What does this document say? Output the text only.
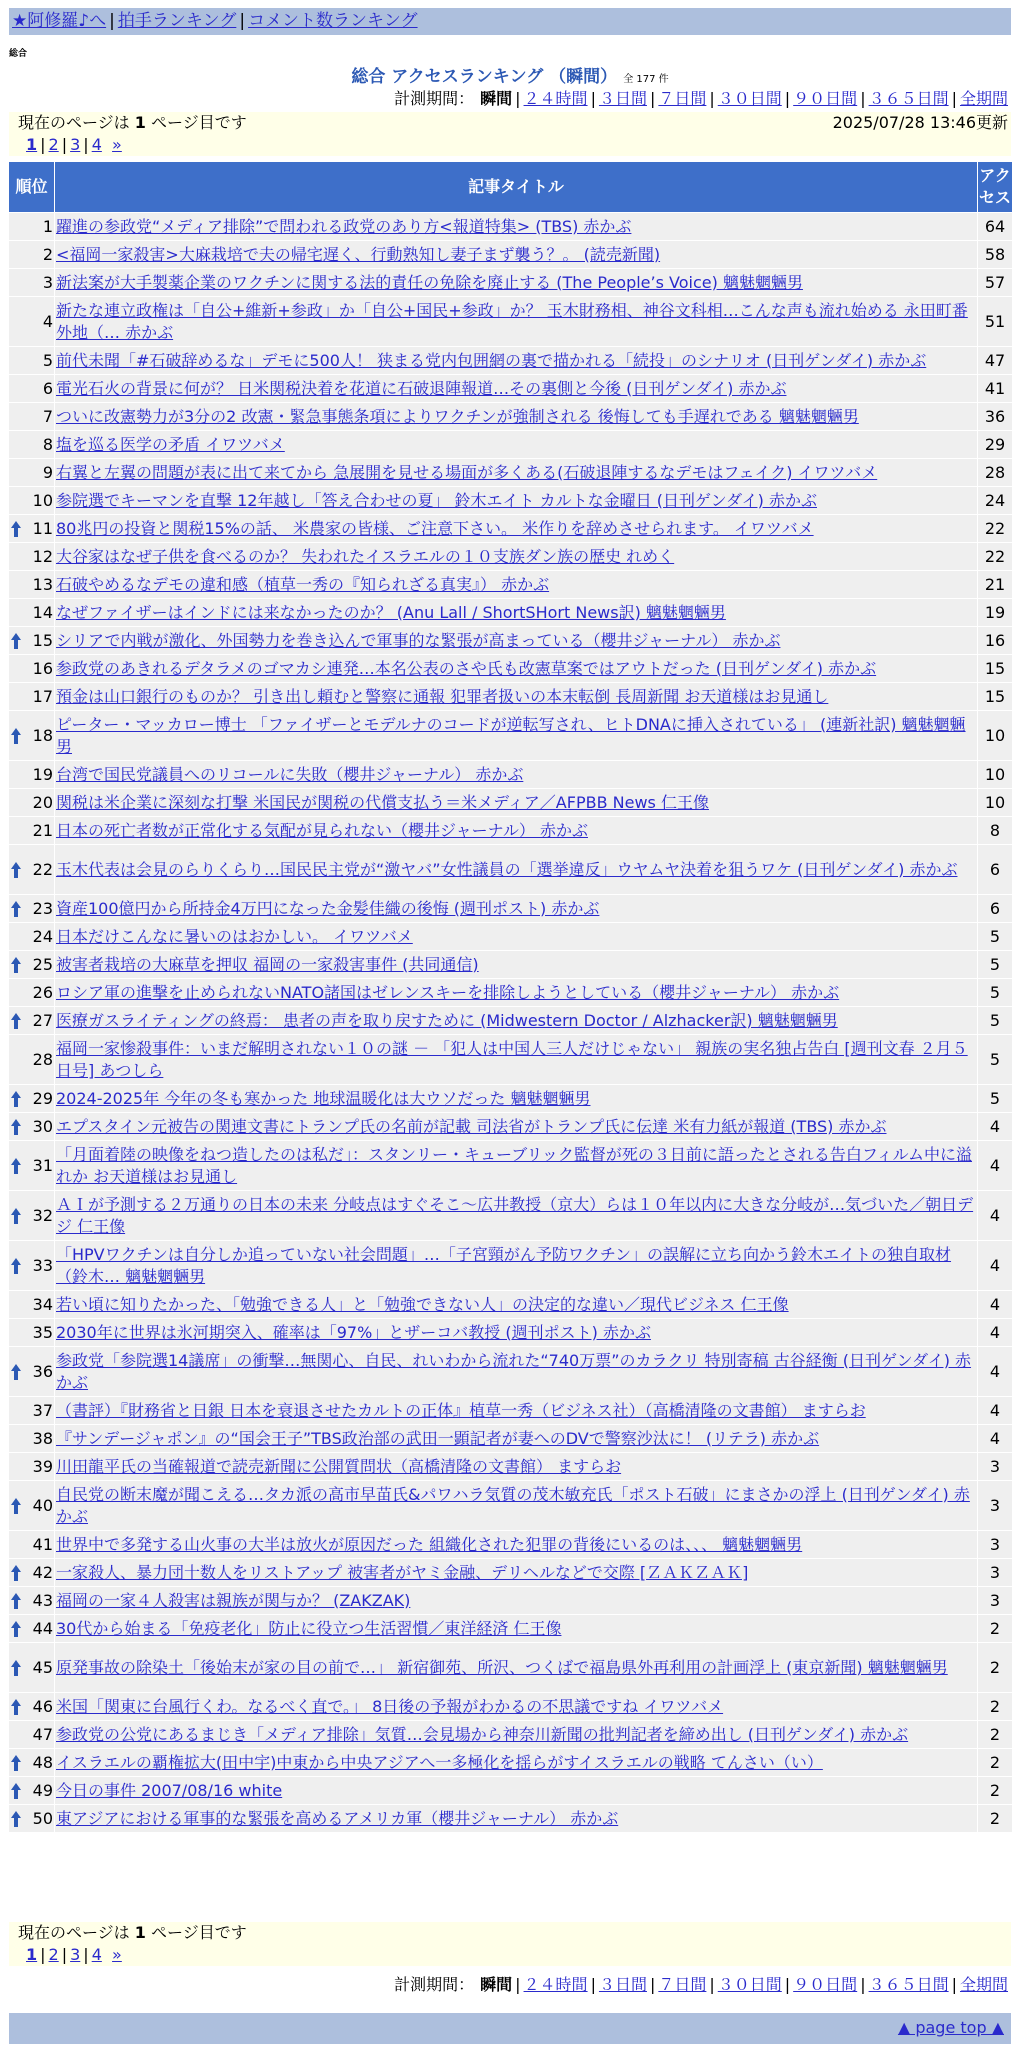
★阿修羅♪へ | 拍手ランキング | コメント数ランキング
総合
総合 アクセスランキング （瞬間） 全 177 件
計測期間： 瞬間 | ２４時間 | ３日間 | ７日間 | ３０日間 | ９０日間 | ３６５日間 | 全期間
現在のページは 1 ページ目です	2025/07/28 13:46更新
1 | 2 | 3 | 4 »
順位	記事タイトル	アクセス
1	躍進の参政党“メディア排除”で問われる政党のあり方<報道特集> (TBS) 赤かぶ	64
2	<福岡一家殺害>大麻栽培で夫の帰宅遅く、行動熟知し妻子まず襲う？。 (読売新聞)	58
3	新法案が大手製薬企業のワクチンに関する法的責任の免除を廃止する (The People’s Voice) 魑魅魍魎男	57
4	新たな連立政権は「自公+維新+参政」か「自公+国民+参政」か？ 玉木財務相、神谷文科相…こんな声も流れ始める 永田町番外地（… 赤かぶ	51
5	前代未聞「#石破辞めるな」デモに500人！ 狭まる党内包囲網の裏で描かれる「続投」のシナリオ (日刊ゲンダイ) 赤かぶ	47
6	電光石火の背景に何が？ 日米関税決着を花道に石破退陣報道…その裏側と今後 (日刊ゲンダイ) 赤かぶ	41
7	ついに改憲勢力が3分の2 改憲・緊急事態条項によりワクチンが強制される 後悔しても手遅れである 魑魅魍魎男	36
8	塩を巡る医学の矛盾 イワツバメ	29
9	右翼と左翼の問題が表に出て来てから 急展開を見せる場面が多くある(石破退陣するなデモはフェイク) イワツバメ	28
10	参院選でキーマンを直撃 12年越し「答え合わせの夏」 鈴木エイト カルトな金曜日 (日刊ゲンダイ) 赤かぶ	24

11	80兆円の投資と関税15%の話、 米農家の皆様、ご注意下さい。 米作りを辞めさせられます。 イワツバメ	22
12	大谷家はなぜ子供を食べるのか？ 失われたイスラエルの１０支族ダン族の歴史 れめく	22
13	石破やめるなデモの違和感（植草一秀の『知られざる真実』） 赤かぶ	21
14	なぜファイザーはインドには来なかったのか？ (Anu Lall / ShortSHort News訳) 魑魅魍魎男	19

15	シリアで内戦が激化、外国勢力を巻き込んで軍事的な緊張が高まっている（櫻井ジャーナル） 赤かぶ	16
16	参政党のあきれるデタラメのゴマカシ連発…本名公表のさや氏も改憲草案ではアウトだった (日刊ゲンダイ) 赤かぶ	15
17	預金は山口銀行のものか？ 引き出し頼むと警察に通報 犯罪者扱いの本末転倒 長周新聞 お天道様はお見通し	15

18	ピーター・マッカロー博士 「ファイザーとモデルナのコードが逆転写され、ヒトDNAに挿入されている」 (連新社訳) 魑魅魍魎男	10
19	台湾で国民党議員へのリコールに失敗（櫻井ジャーナル） 赤かぶ	10
20	関税は米企業に深刻な打撃 米国民が関税の代償支払う＝米メディア／AFPBB News 仁王像	10
21	日本の死亡者数が正常化する気配が見られない（櫻井ジャーナル） 赤かぶ	8

22	玉木代表は会見のらりくらり…国民民主党が“激ヤバ”女性議員の「選挙違反」ウヤムヤ決着を狙うワケ (日刊ゲンダイ) 赤かぶ	6

23	資産100億円から所持金4万円になった金髪佳織の後悔 (週刊ポスト) 赤かぶ	6
24	日本だけこんなに暑いのはおかしい。 イワツバメ	5

25	被害者栽培の大麻草を押収 福岡の一家殺害事件 (共同通信)	5
26	ロシア軍の進撃を止められないNATO諸国はゼレンスキーを排除しようとしている（櫻井ジャーナル） 赤かぶ	5

27	医療ガスライティングの終焉： 患者の声を取り戻すために (Midwestern Doctor / Alzhacker訳) 魑魅魍魎男	5
28	福岡一家惨殺事件：いまだ解明されない１０の謎 － 「犯人は中国人三人だけじゃない」 親族の実名独占告白 [週刊文春 ２月５日号] あつしら	5

29	2024-2025年 今年の冬も寒かった 地球温暖化は大ウソだった 魑魅魍魎男	5

30	エプスタイン元被告の関連文書にトランプ氏の名前が記載 司法省がトランプ氏に伝達 米有力紙が報道 (TBS) 赤かぶ	4

31	「月面着陸の映像をねつ造したのは私だ」：スタンリー・キューブリック監督が死の３日前に語ったとされる告白フィルム中に溢れか お天道様はお見通し	4

32	ＡＩが予測する２万通りの日本の未来 分岐点はすぐそこ～広井教授（京大）らは１０年以内に大きな分岐が…気づいた／朝日デジ 仁王像	4

33	「HPVワクチンは自分しか追っていない社会問題」…「子宮頸がん予防ワクチン」の誤解に立ち向かう鈴木エイトの独自取材（鈴木… 魑魅魍魎男	4
34	若い頃に知りたかった、「勉強できる人」と「勉強できない人」の決定的な違い／現代ビジネス 仁王像	4
35	2030年に世界は氷河期突入、確率は「97%」とザーコバ教授 (週刊ポスト) 赤かぶ	4

36	参政党「参院選14議席」の衝撃…無関心、自民、れいわから流れた“740万票”のカラクリ 特別寄稿 古谷経衡 (日刊ゲンダイ) 赤かぶ	4
37	（書評）『財務省と日銀 日本を衰退させたカルトの正体』植草一秀（ビジネス社）（高橋清隆の文書館） ますらお	4
38	『サンデージャポン』の“国会王子”TBS政治部の武田一顕記者が妻へのDVで警察沙汰に！ (リテラ) 赤かぶ	4
39	川田龍平氏の当確報道で読売新聞に公開質問状（高橋清隆の文書館） ますらお	3

40	自民党の断末魔が聞こえる…タカ派の高市早苗氏&パワハラ気質の茂木敏充氏「ポスト石破」にまさかの浮上 (日刊ゲンダイ) 赤かぶ	3
41	世界中で多発する山火事の大半は放火が原因だった 組織化された犯罪の背後にいるのは、、、 魑魅魍魎男	3

42	一家殺人、暴力団十数人をリストアップ 被害者がヤミ金融、デリヘルなどで交際 [ＺＡＫＺＡＫ]	3

43	福岡の一家４人殺害は親族が関与か？ (ZAKZAK)	3

44	30代から始まる「免疫老化」防止に役立つ生活習慣／東洋経済 仁王像	2

45	原発事故の除染土「後始末が家の目の前で…」 新宿御苑、所沢、つくばで福島県外再利用の計画浮上 (東京新聞) 魑魅魍魎男	2

46	米国「関東に台風行くわ。なるべく直で。」 8日後の予報がわかるの不思議ですね イワツバメ	2
47	参政党の公党にあるまじき「メディア排除」気質…会見場から神奈川新聞の批判記者を締め出し (日刊ゲンダイ) 赤かぶ	2

48	イスラエルの覇権拡大(田中宇)中東から中央アジアへ一多極化を揺らがすイスラエルの戦略 てんさい（い）	2

49	今日の事件 2007/08/16 white	2

50	東アジアにおける軍事的な緊張を高めるアメリカ軍（櫻井ジャーナル） 赤かぶ	2
現在のページは 1 ページ目です
1 | 2 | 3 | 4 »
計測期間： 瞬間 | ２４時間 | ３日間 | ７日間 | ３０日間 | ９０日間 | ３６５日間 | 全期間
▲ page top ▲
